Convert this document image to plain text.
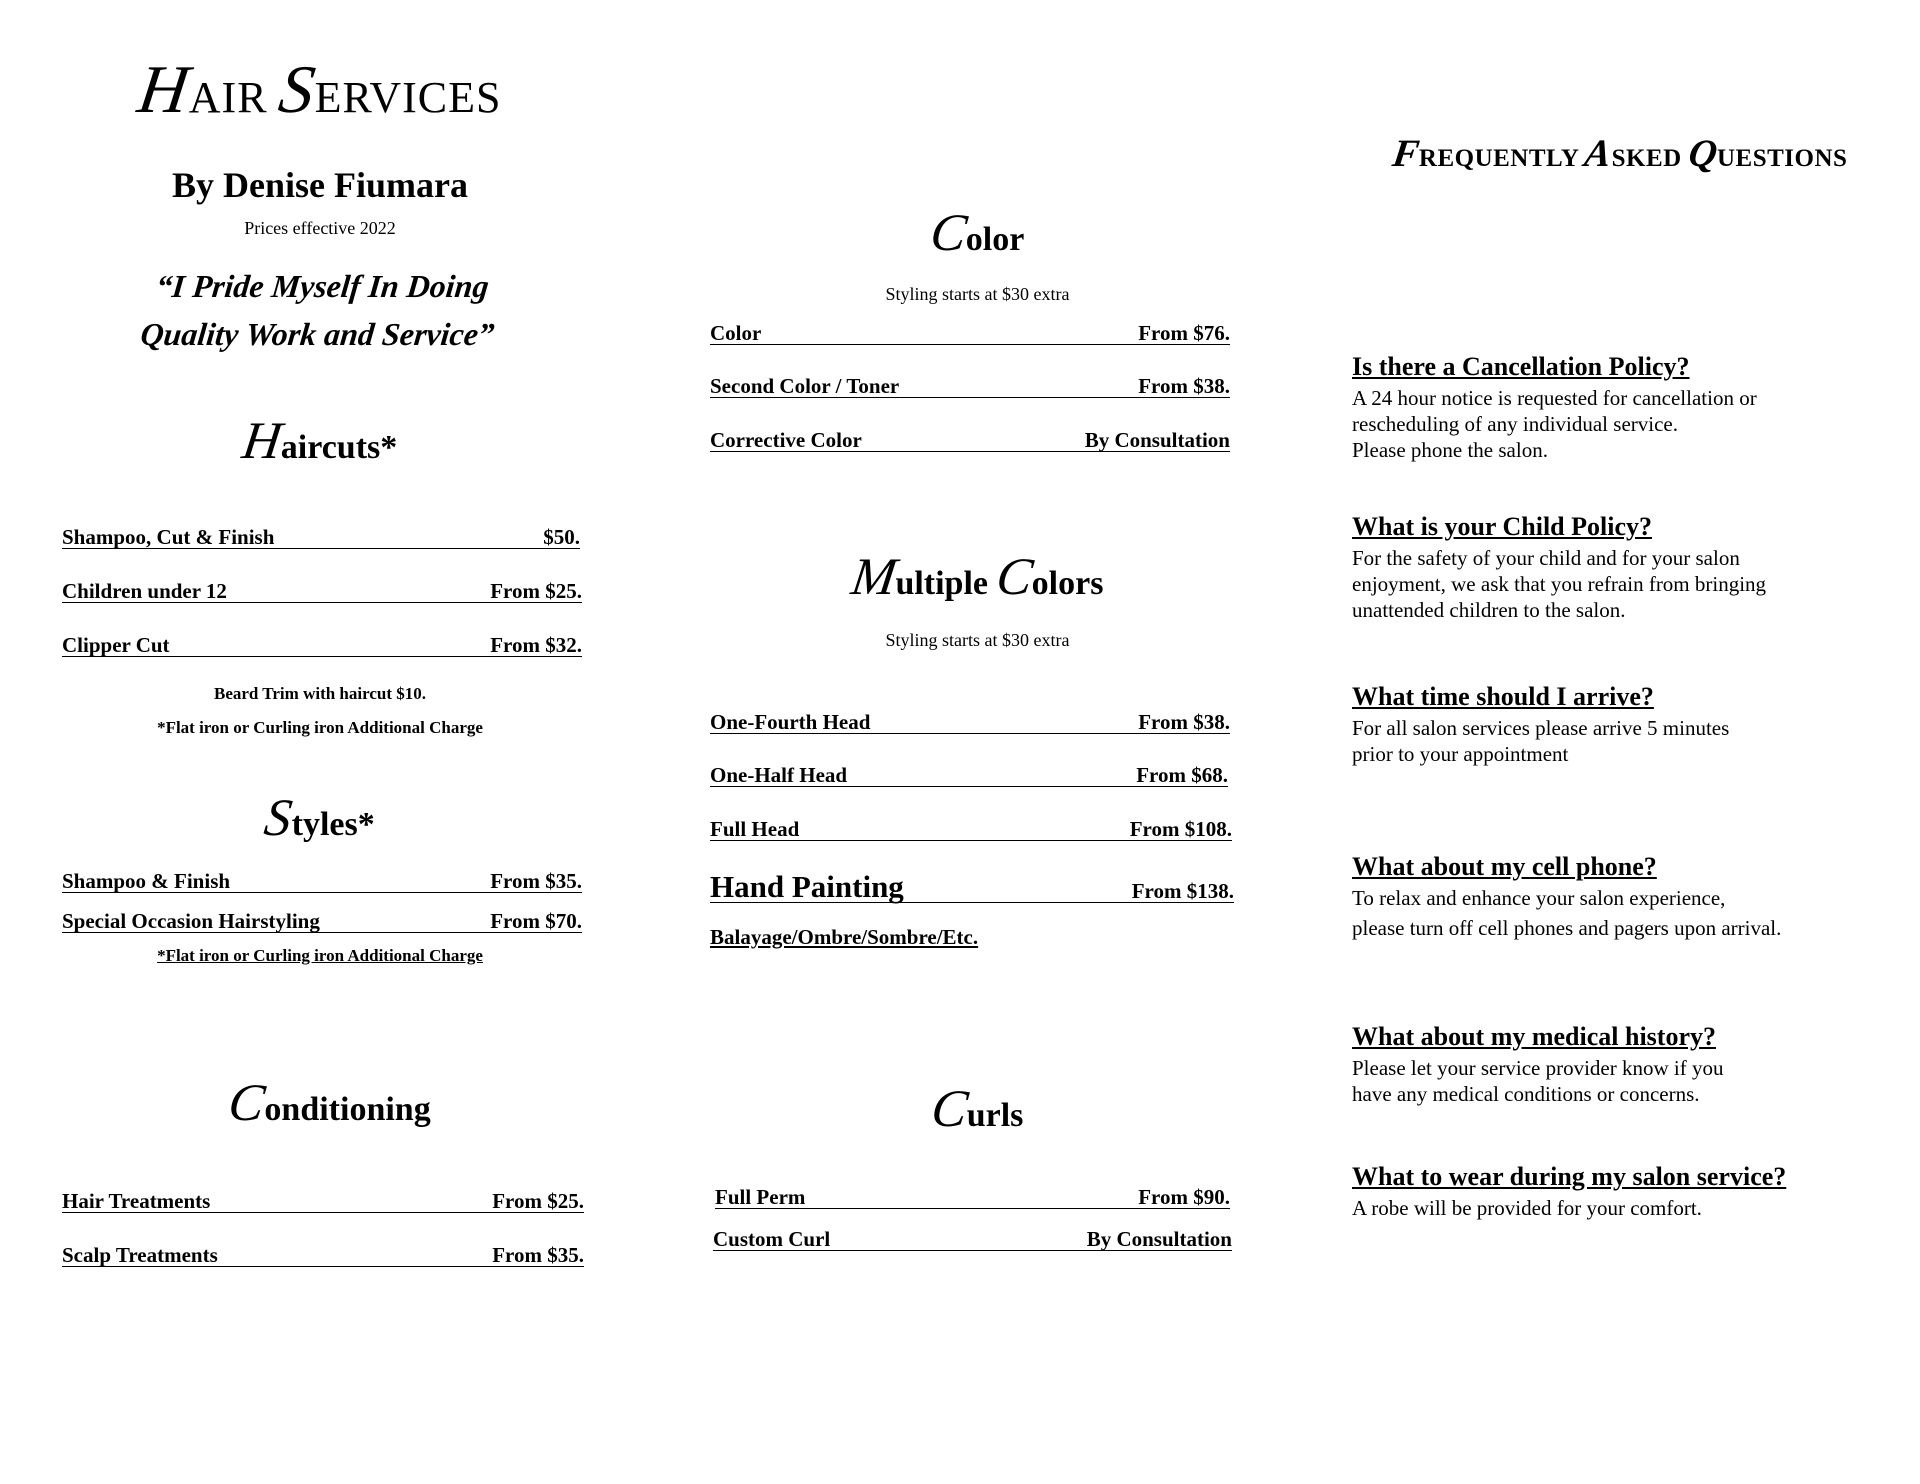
HAIR SERVICES
By Denise Fiumara
Prices effective 2022
“I Pride Myself In Doing
Quality Work and Service”
Haircuts*
Shampoo, Cut & Finish	$50.
Children under 12	From $25.
Clipper Cut	From $32.
Beard Trim with haircut $10.
*Flat iron or Curling iron Additional Charge
Styles*
Shampoo & Finish	From $35.
Special Occasion Hairstyling	From $70.
*Flat iron or Curling iron Additional Charge
Conditioning
Hair Treatments	From $25.
Scalp Treatments	From $35.
Color
Styling starts at $30 extra
Color	From $76.
Second Color / Toner	From $38.
Corrective Color	By Consultation
Multiple Colors
Styling starts at $30 extra
One-Fourth Head	From $38.
One-Half Head	From $68.
Full Head	From $108.
Hand Painting	From $138.
Balayage/Ombre/Sombre/Etc.
Curls
Full Perm	From $90.
Custom Curl	By Consultation
FREQUENTLY ASKED QUESTIONS
Is there a Cancellation Policy?
A 24 hour notice is requested for cancellation or
rescheduling of any individual service.
Please phone the salon.
What is your Child Policy?
For the safety of your child and for your salon
enjoyment, we ask that you refrain from bringing
unattended children to the salon.
What time should I arrive?
For all salon services please arrive 5 minutes
prior to your appointment
What about my cell phone?
To relax and enhance your salon experience,
please turn off cell phones and pagers upon arrival.
What about my medical history?
Please let your service provider know if you
have any medical conditions or concerns.
What to wear during my salon service?
A robe will be provided for your comfort.
